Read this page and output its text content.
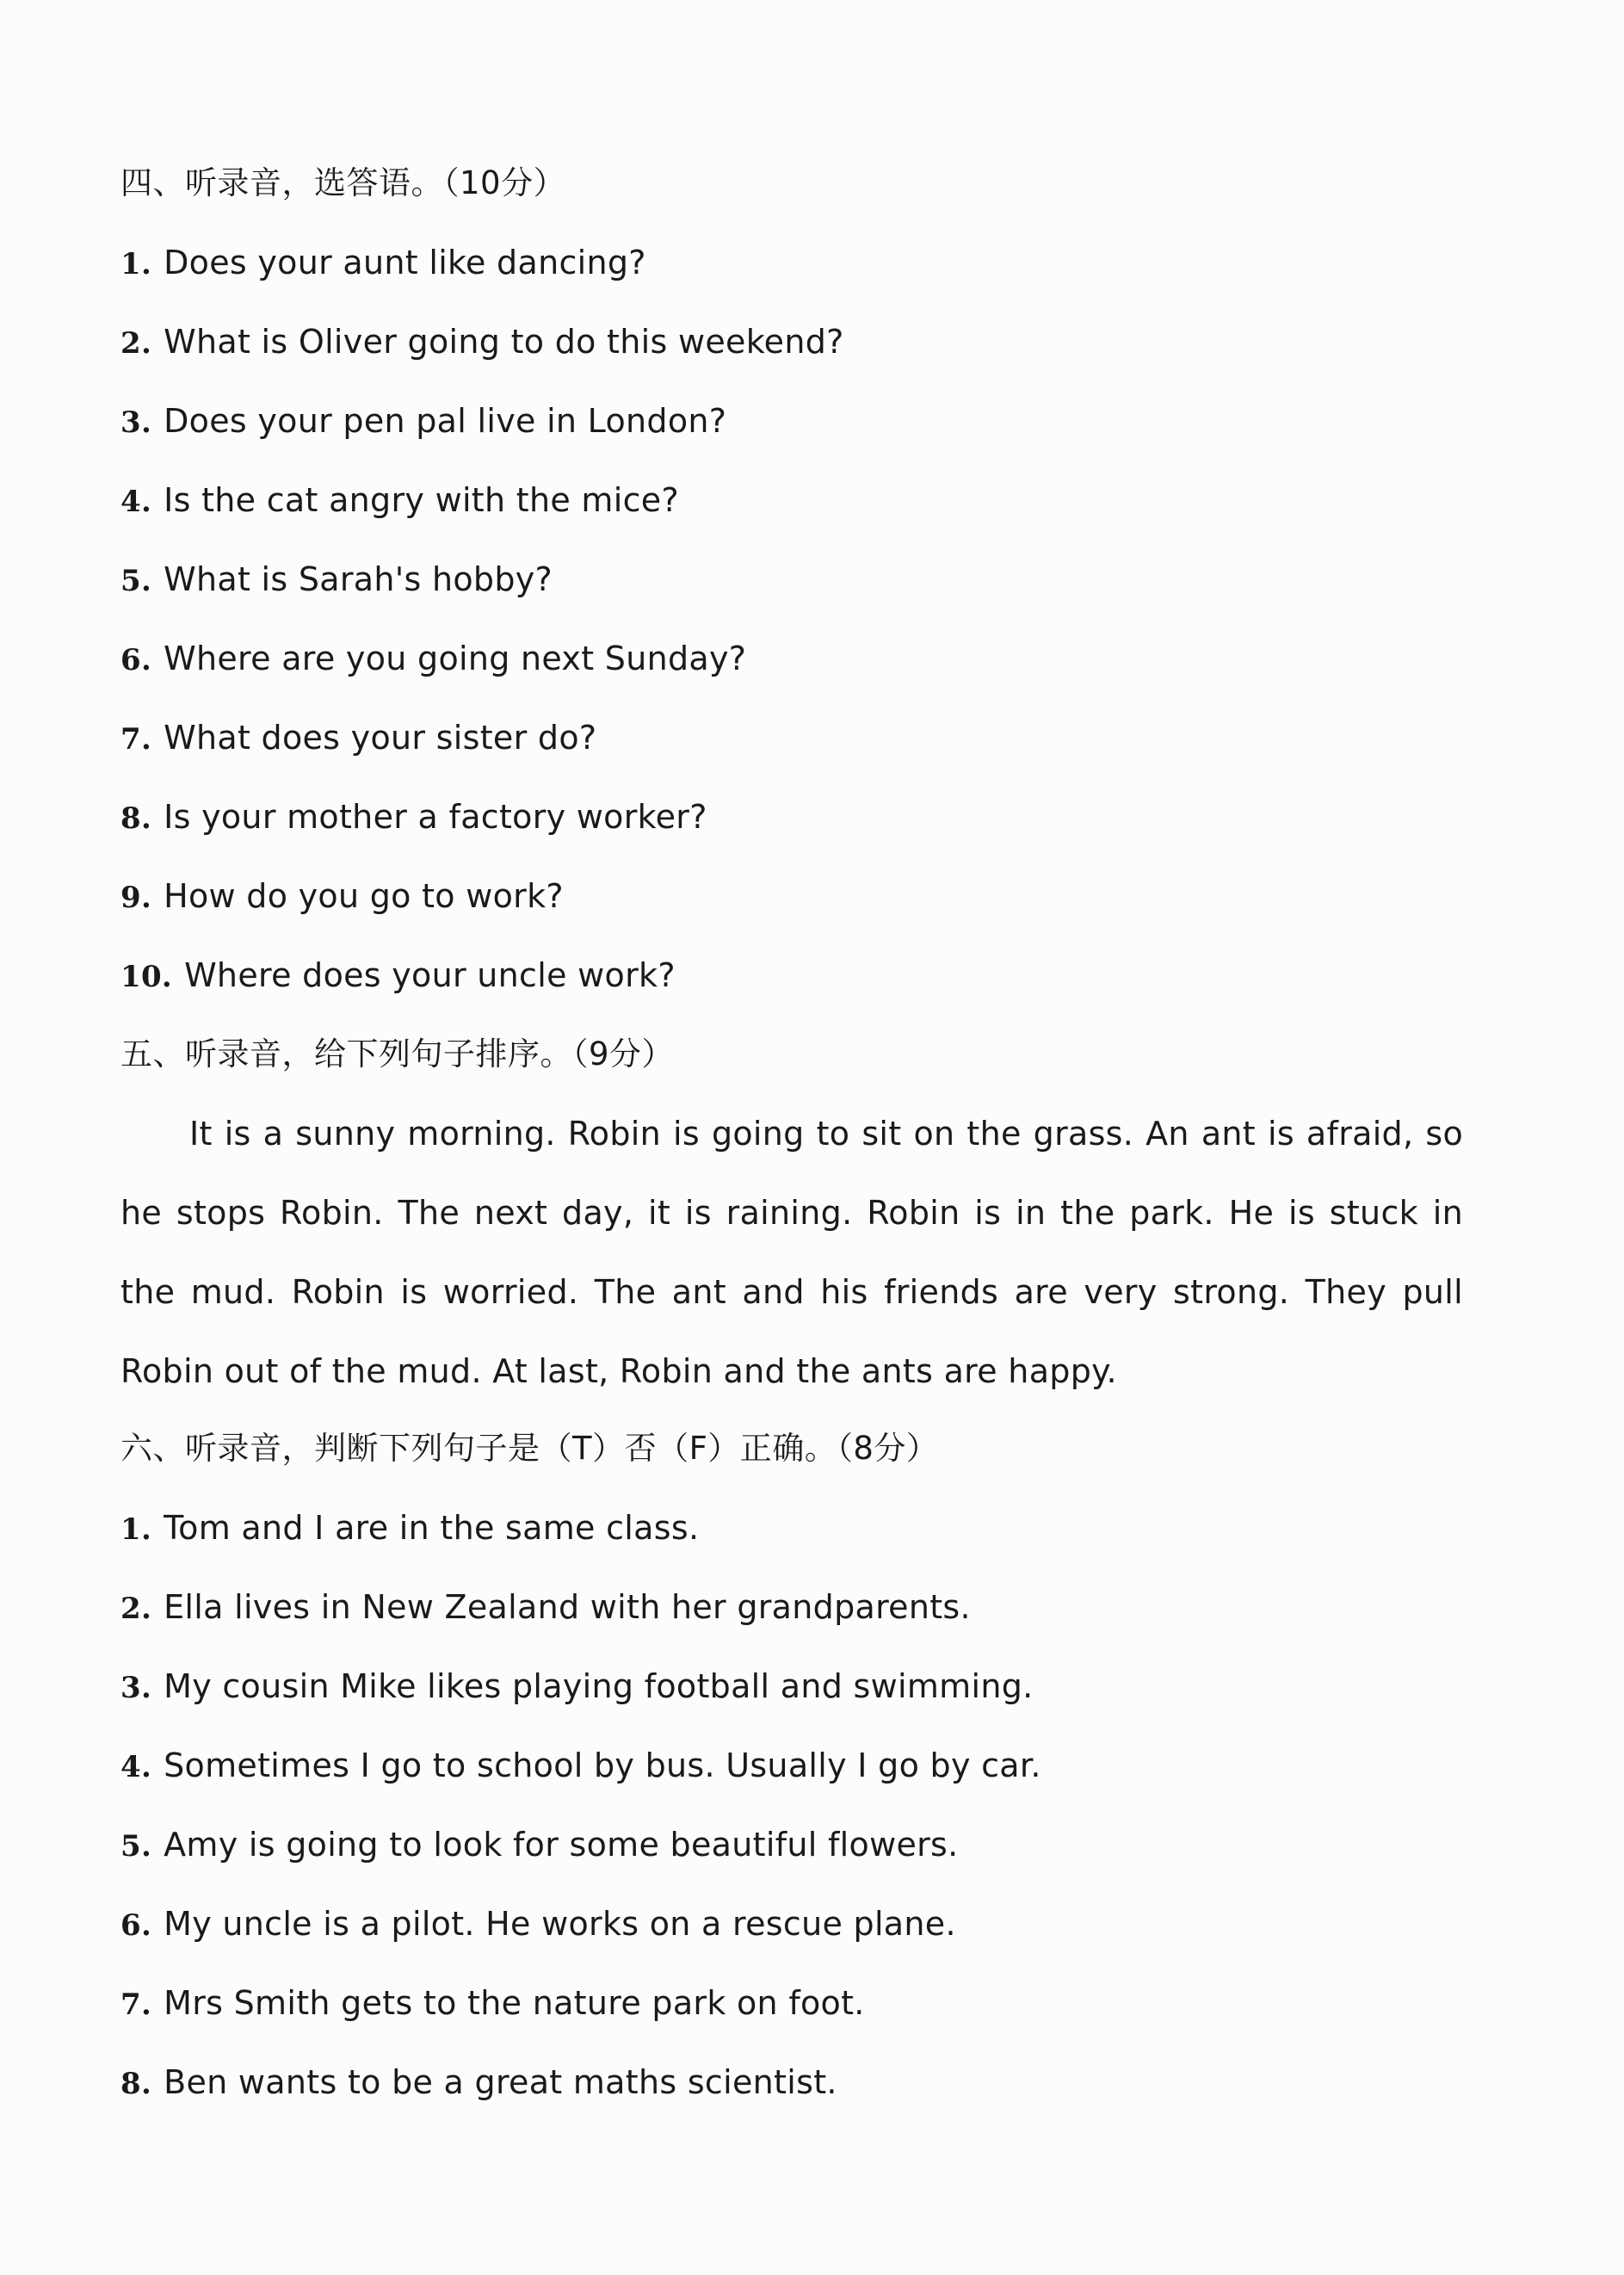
四、听录音，选答语。（10分）
1. Does your aunt like dancing?
2. What is Oliver going to do this weekend?
3. Does your pen pal live in London?
4. Is the cat angry with the mice?
5. What is Sarah's hobby?
6. Where are you going next Sunday?
7. What does your sister do?
8. Is your mother a factory worker?
9. How do you go to work?
10. Where does your uncle work?
五、听录音，给下列句子排序。（9分）
It is a sunny morning. Robin is going to sit on the grass. An ant is afraid, so he stops Robin. The next day, it is raining. Robin is in the park. He is stuck in the mud. Robin is worried. The ant and his friends are very strong. They pull Robin out of the mud. At last, Robin and the ants are happy.
六、听录音，判断下列句子是（T）否（F）正确。（8分）
1. Tom and I are in the same class.
2. Ella lives in New Zealand with her grandparents.
3. My cousin Mike likes playing football and swimming.
4. Sometimes I go to school by bus. Usually I go by car.
5. Amy is going to look for some beautiful flowers.
6. My uncle is a pilot. He works on a rescue plane.
7. Mrs Smith gets to the nature park on foot.
8. Ben wants to be a great maths scientist.
